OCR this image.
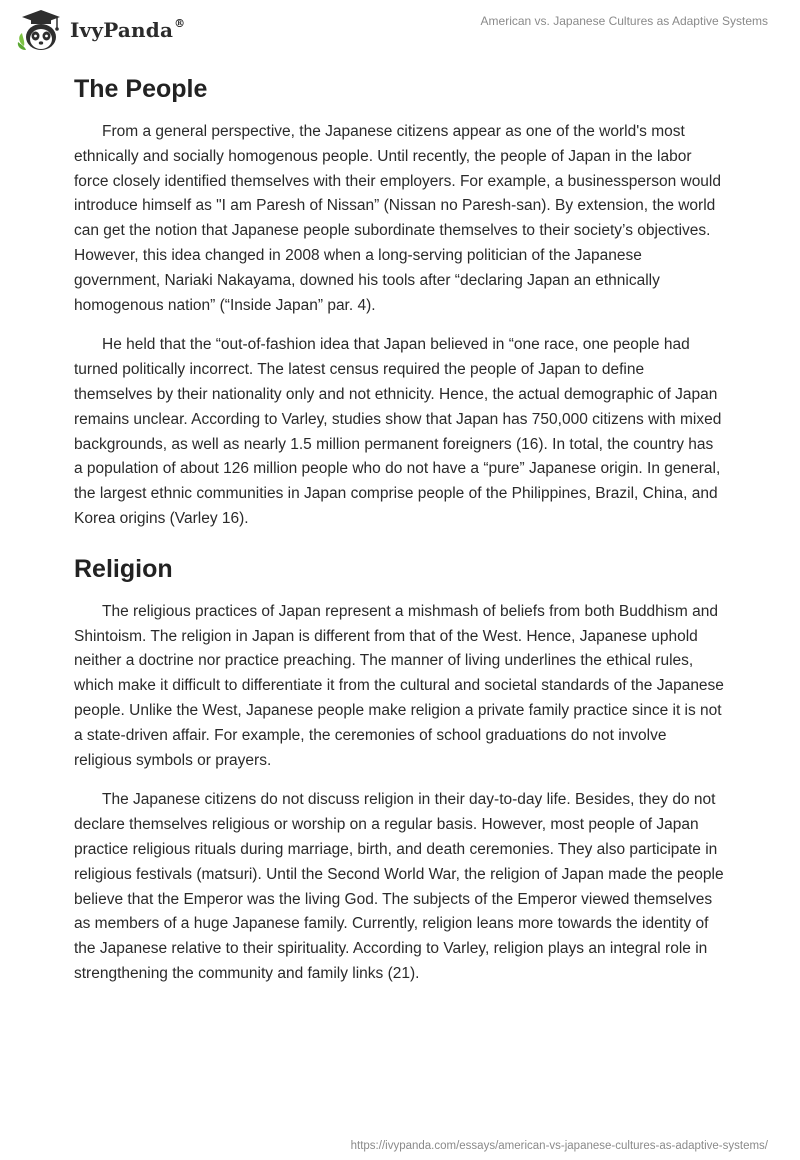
IvyPanda®	American vs. Japanese Cultures as Adaptive Systems
The People

From a general perspective, the Japanese citizens appear as one of the world's most ethnically and socially homogenous people. Until recently, the people of Japan in the labor force closely identified themselves with their employers. For example, a businessperson would introduce himself as "I am Paresh of Nissan” (Nissan no Paresh-san). By extension, the world can get the notion that Japanese people subordinate themselves to their society’s objectives. However, this idea changed in 2008 when a long-serving politician of the Japanese government, Nariaki Nakayama, downed his tools after “declaring Japan an ethnically homogenous nation” (“Inside Japan” par. 4).

He held that the “out-of-fashion idea that Japan believed in “one race, one people had turned politically incorrect. The latest census required the people of Japan to define themselves by their nationality only and not ethnicity. Hence, the actual demographic of Japan remains unclear. According to Varley, studies show that Japan has 750,000 citizens with mixed backgrounds, as well as nearly 1.5 million permanent foreigners (16). In total, the country has a population of about 126 million people who do not have a “pure” Japanese origin. In general, the largest ethnic communities in Japan comprise people of the Philippines, Brazil, China, and Korea origins (Varley 16).

Religion

The religious practices of Japan represent a mishmash of beliefs from both Buddhism and Shintoism. The religion in Japan is different from that of the West. Hence, Japanese uphold neither a doctrine nor practice preaching. The manner of living underlines the ethical rules, which make it difficult to differentiate it from the cultural and societal standards of the Japanese people. Unlike the West, Japanese people make religion a private family practice since it is not a state-driven affair. For example, the ceremonies of school graduations do not involve religious symbols or prayers.

The Japanese citizens do not discuss religion in their day-to-day life. Besides, they do not declare themselves religious or worship on a regular basis. However, most people of Japan practice religious rituals during marriage, birth, and death ceremonies. They also participate in religious festivals (matsuri). Until the Second World War, the religion of Japan made the people believe that the Emperor was the living God. The subjects of the Emperor viewed themselves as members of a huge Japanese family. Currently, religion leans more towards the identity of the Japanese relative to their spirituality. According to Varley, religion plays an integral role in strengthening the community and family links (21).

https://ivypanda.com/essays/american-vs-japanese-cultures-as-adaptive-systems/
